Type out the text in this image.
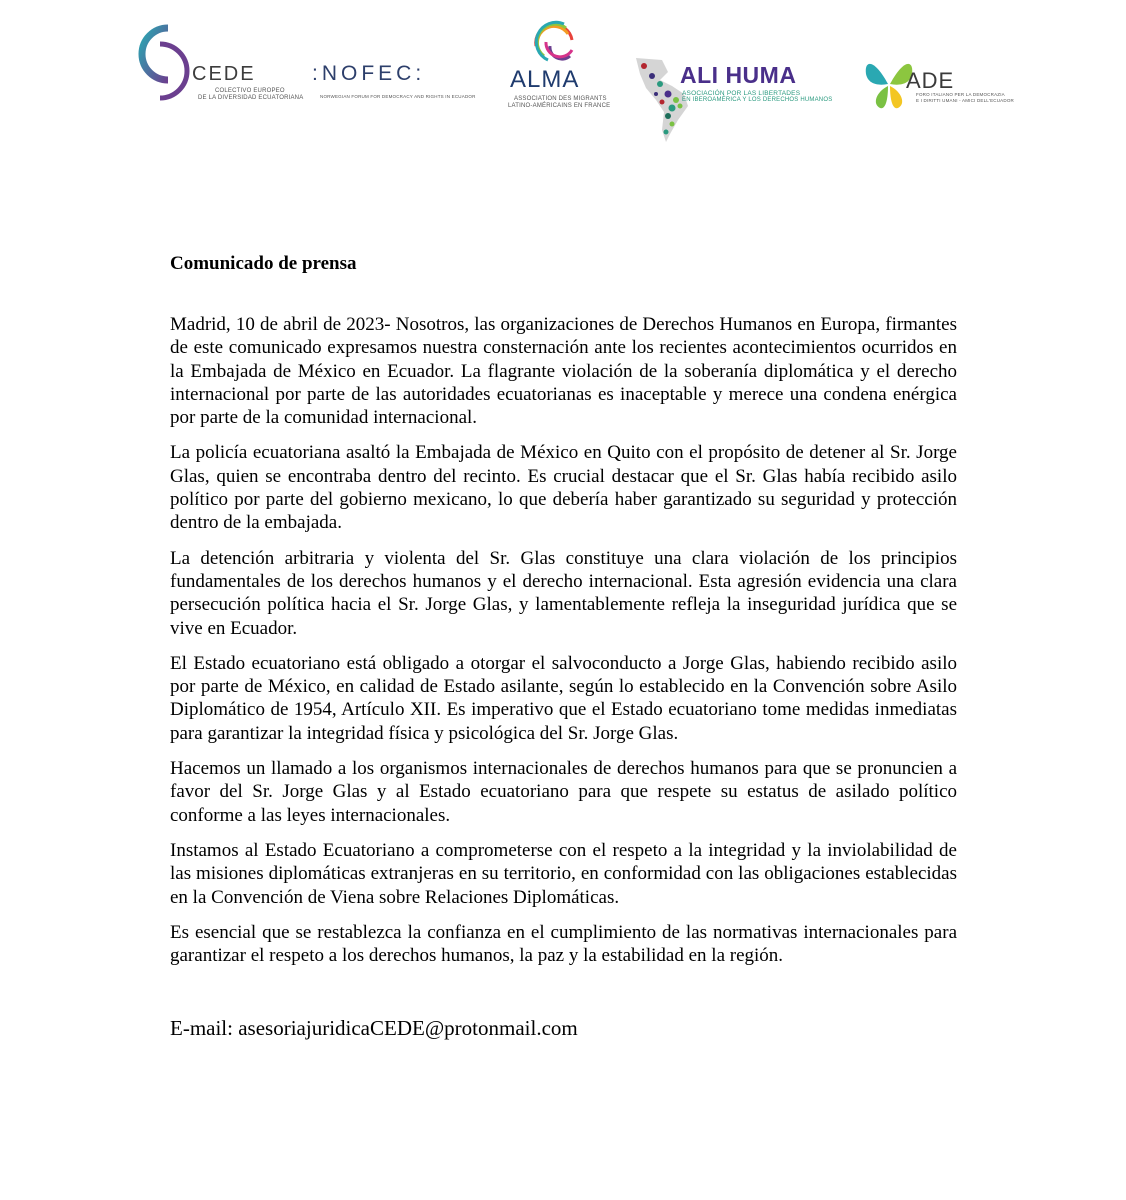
CEDE
COLECTIVO EUROPEO
DE LA DIVERSIDAD ECUATORIANA
:NOFEC:
NORWEGIAN FORUM FOR DEMOCRACY AND RIGHTS IN ECUADOR
ALMA
ASSOCIATION DES MIGRANTS
LATINO-AMÉRICAINS EN FRANCE
ALI HUMA
ASOCIACIÓN POR LAS LIBERTADES
EN IBEROAMÉRICA Y LOS DERECHOS HUMANOS
ADE
FORO ITALIANO PER LA DEMOCRAZIA
E I DIRITTI UMANI - AMICI DELL'ECUADOR

Comunicado de prensa

Madrid, 10 de abril de 2023- Nosotros, las organizaciones de Derechos Humanos en Europa, firmantes de este comunicado expresamos nuestra consternación ante los recientes acontecimientos ocurridos en la Embajada de México en Ecuador. La flagrante violación de la soberanía diplomática y el derecho internacional por parte de las autoridades ecuatorianas es inaceptable y merece una condena enérgica por parte de la comunidad internacional.

La policía ecuatoriana asaltó la Embajada de México en Quito con el propósito de detener al Sr. Jorge Glas, quien se encontraba dentro del recinto. Es crucial destacar que el Sr. Glas había recibido asilo político por parte del gobierno mexicano, lo que debería haber garantizado su seguridad y protección dentro de la embajada.

La detención arbitraria y violenta del Sr. Glas constituye una clara violación de los principios fundamentales de los derechos humanos y el derecho internacional. Esta agresión evidencia una clara persecución política hacia el Sr. Jorge Glas, y lamentablemente refleja la inseguridad jurídica que se vive en Ecuador.

El Estado ecuatoriano está obligado a otorgar el salvoconducto a Jorge Glas, habiendo recibido asilo por parte de México, en calidad de Estado asilante, según lo establecido en la Convención sobre Asilo Diplomático de 1954, Artículo XII. Es imperativo que el Estado ecuatoriano tome medidas inmediatas para garantizar la integridad física y psicológica del Sr. Jorge Glas.

Hacemos un llamado a los organismos internacionales de derechos humanos para que se pronuncien a favor del Sr. Jorge Glas y al Estado ecuatoriano para que respete su estatus de asilado político conforme a las leyes internacionales.

Instamos al Estado Ecuatoriano a comprometerse con el respeto a la integridad y la inviolabilidad de las misiones diplomáticas extranjeras en su territorio, en conformidad con las obligaciones establecidas en la Convención de Viena sobre Relaciones Diplomáticas.

Es esencial que se restablezca la confianza en el cumplimiento de las normativas internacionales para garantizar el respeto a los derechos humanos, la paz y la estabilidad en la región.

E-mail: asesoriajuridicaCEDE@protonmail.com
